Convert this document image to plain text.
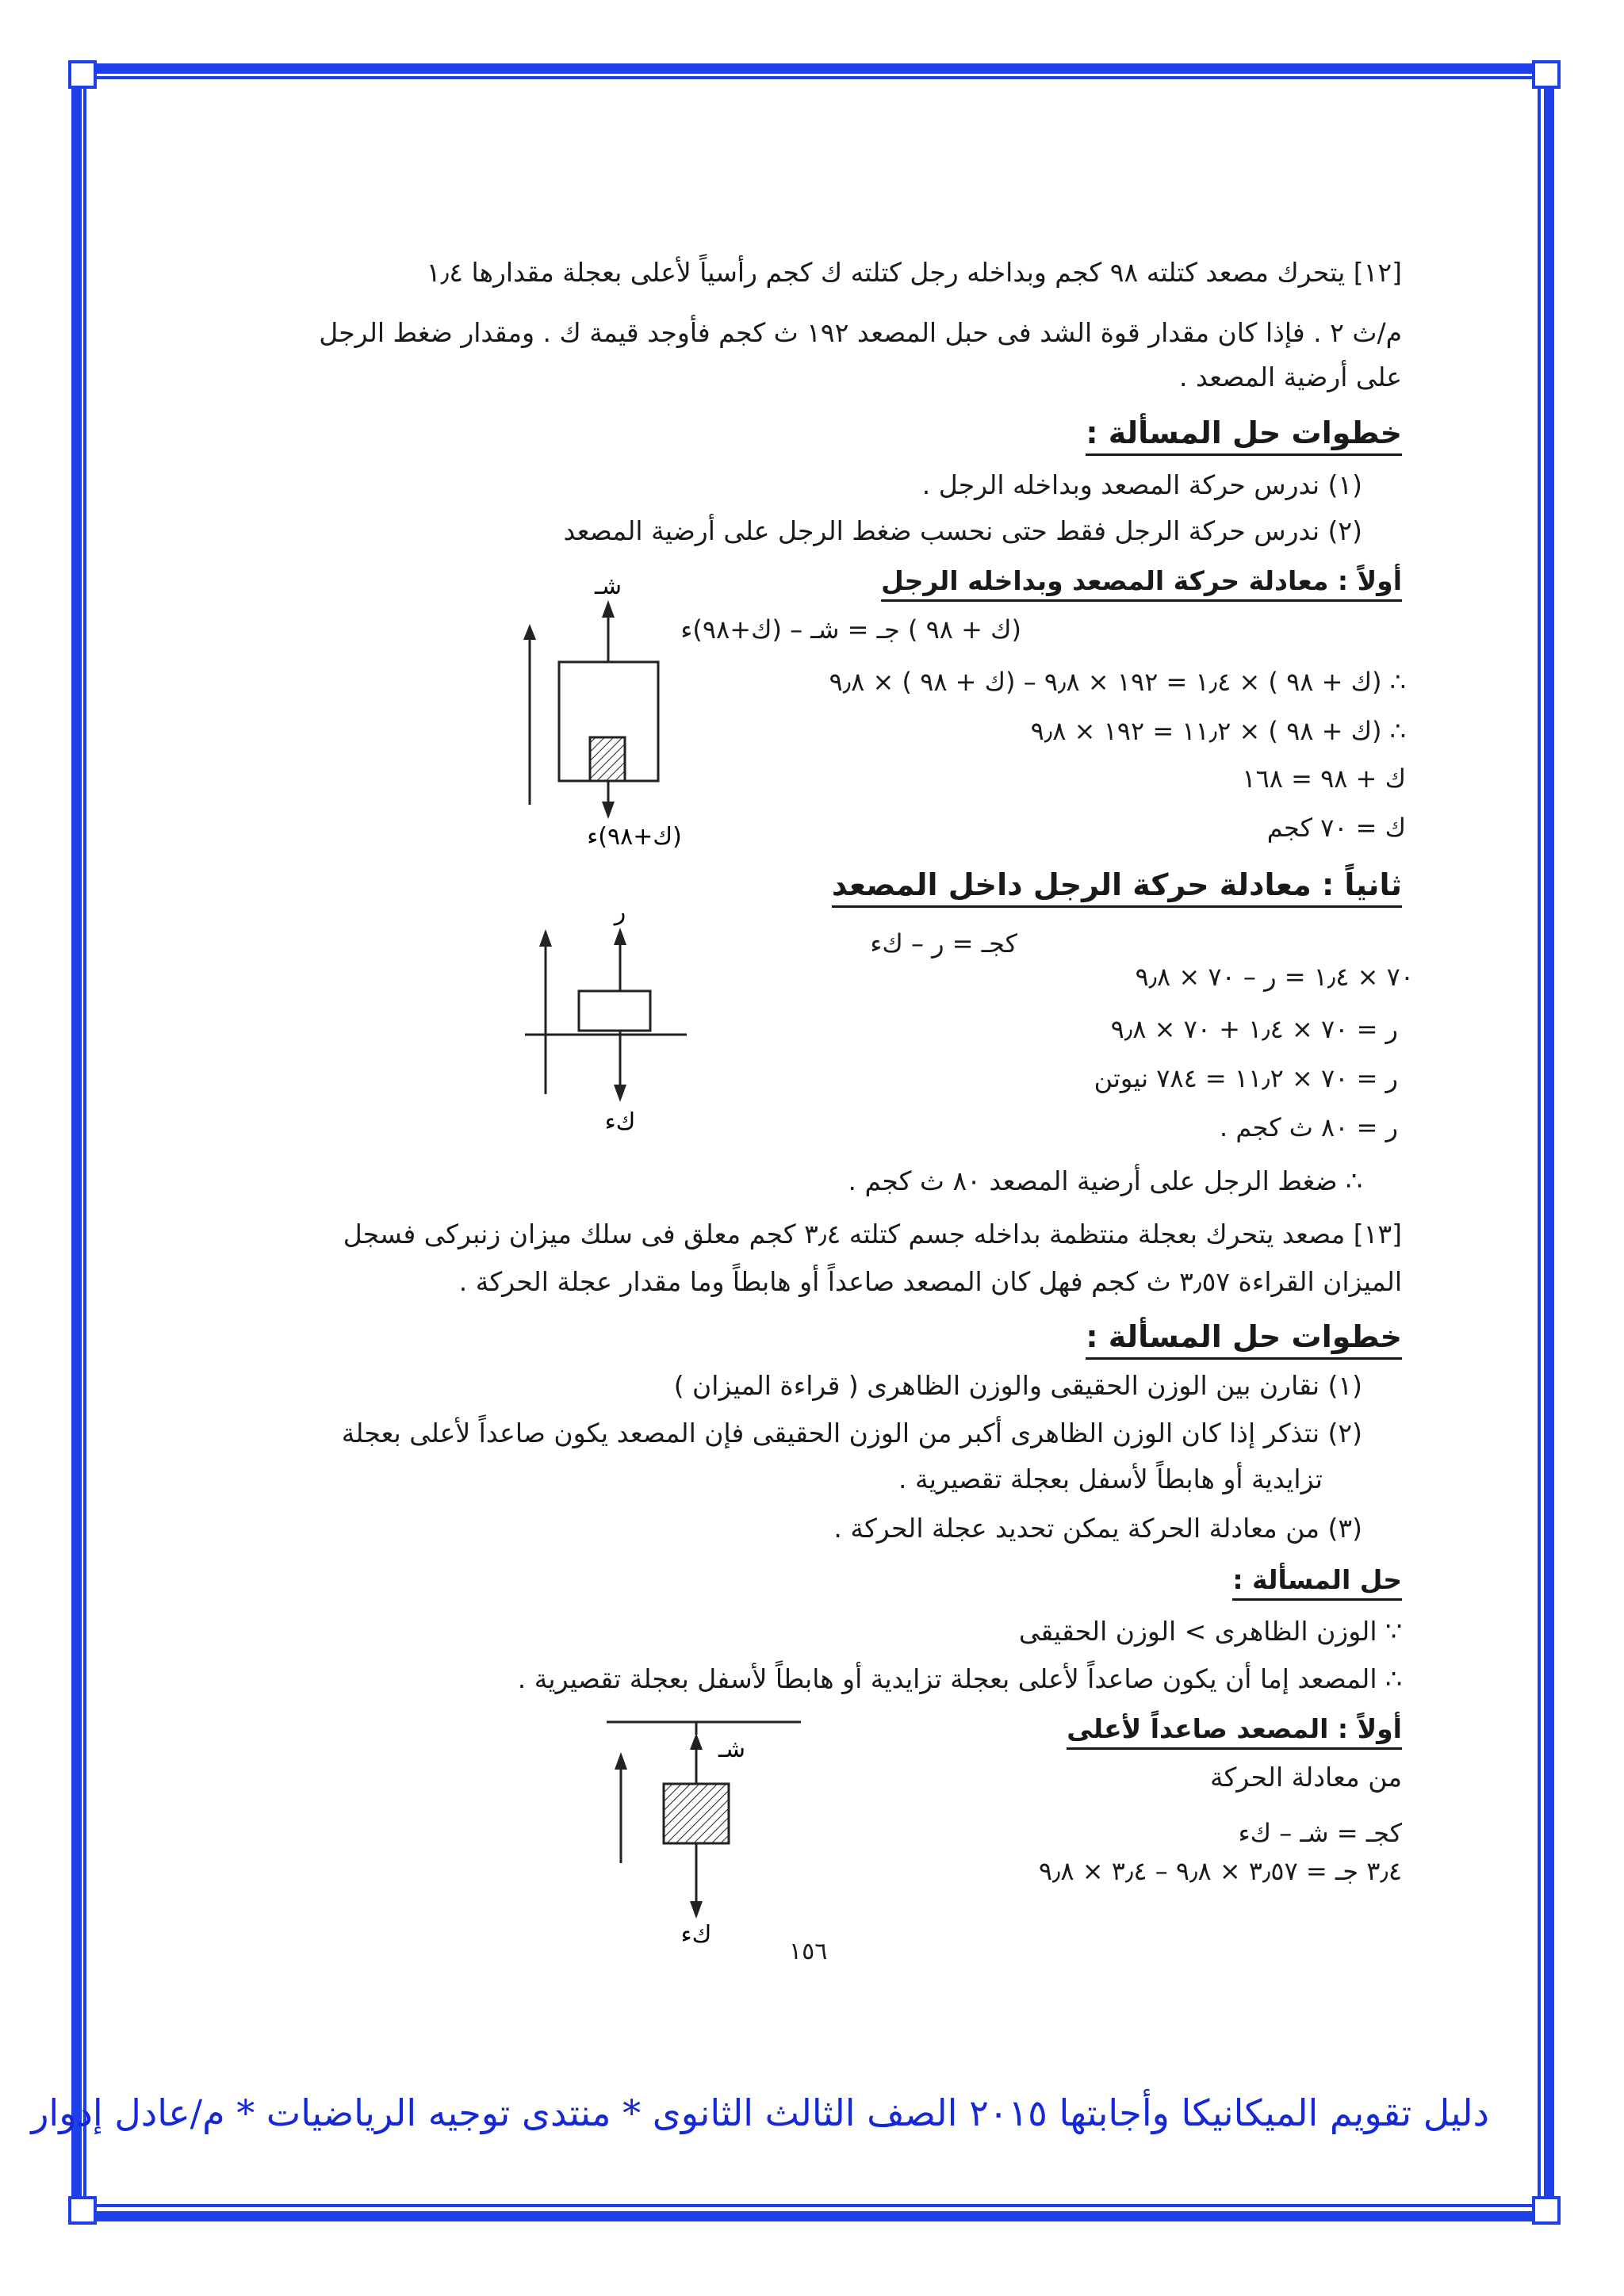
[١٢] يتحرك مصعد كتلته ٩٨ كجم وبداخله رجل كتلته ك كجم رأسياً لأعلى بعجلة مقدارها ١٫٤
م/ث ٢ . فإذا كان مقدار قوة الشد فى حبل المصعد ١٩٢ ث كجم فأوجد قيمة ك . ومقدار ضغط الرجل
على أرضية المصعد .
خطوات حل المسألة :
(١) ندرس حركة المصعد وبداخله الرجل .
(٢) ندرس حركة الرجل فقط حتى نحسب ضغط الرجل على أرضية المصعد
أولاً : معادلة حركة المصعد وبداخله الرجل
(ك + ٩٨ ) جـ = شـ – (ك+٩٨)ء
∴ (ك + ٩٨ ) × ١٫٤ = ١٩٢ × ٩٫٨ – (ك + ٩٨ ) × ٩٫٨
∴ (ك + ٩٨ ) × ١١٫٢ = ١٩٢ × ٩٫٨
ك + ٩٨ = ١٦٨
ك = ٧٠ كجم
شـ
(ك+٩٨)ء
ثانياً : معادلة حركة الرجل داخل المصعد
كجـ = ر – كء
٧٠ × ١٫٤ = ر – ٧٠ × ٩٫٨
ر = ٧٠ × ١٫٤ + ٧٠ × ٩٫٨
ر = ٧٠ × ١١٫٢ = ٧٨٤ نيوتن
ر = ٨٠ ث كجم .
ر
كء
∴ ضغط الرجل على أرضية المصعد ٨٠ ث كجم .
[١٣] مصعد يتحرك بعجلة منتظمة بداخله جسم كتلته ٣٫٤ كجم معلق فى سلك ميزان زنبركى فسجل
الميزان القراءة ٣٫٥٧ ث كجم فهل كان المصعد صاعداً أو هابطاً وما مقدار عجلة الحركة .
خطوات حل المسألة :
(١) نقارن بين الوزن الحقيقى والوزن الظاهرى ( قراءة الميزان )
(٢) نتذكر إذا كان الوزن الظاهرى أكبر من الوزن الحقيقى فإن المصعد يكون صاعداً لأعلى بعجلة
تزايدية أو هابطاً لأسفل بعجلة تقصيرية .
(٣) من معادلة الحركة يمكن تحديد عجلة الحركة .
حل المسألة :
∵ الوزن الظاهرى > الوزن الحقيقى
∴ المصعد إما أن يكون صاعداً لأعلى بعجلة تزايدية أو هابطاً لأسفل بعجلة تقصيرية .
أولاً : المصعد صاعداً لأعلى
من معادلة الحركة
كجـ = شـ – كء
٣٫٤ جـ = ٣٫٥٧ × ٩٫٨ – ٣٫٤ × ٩٫٨
شـ
كء
١٥٦
دليل تقويم الميكانيكا وأجابتها ٢٠١٥ الصف الثالث الثانوى * منتدى توجيه الرياضيات * م/عادل إدوار
